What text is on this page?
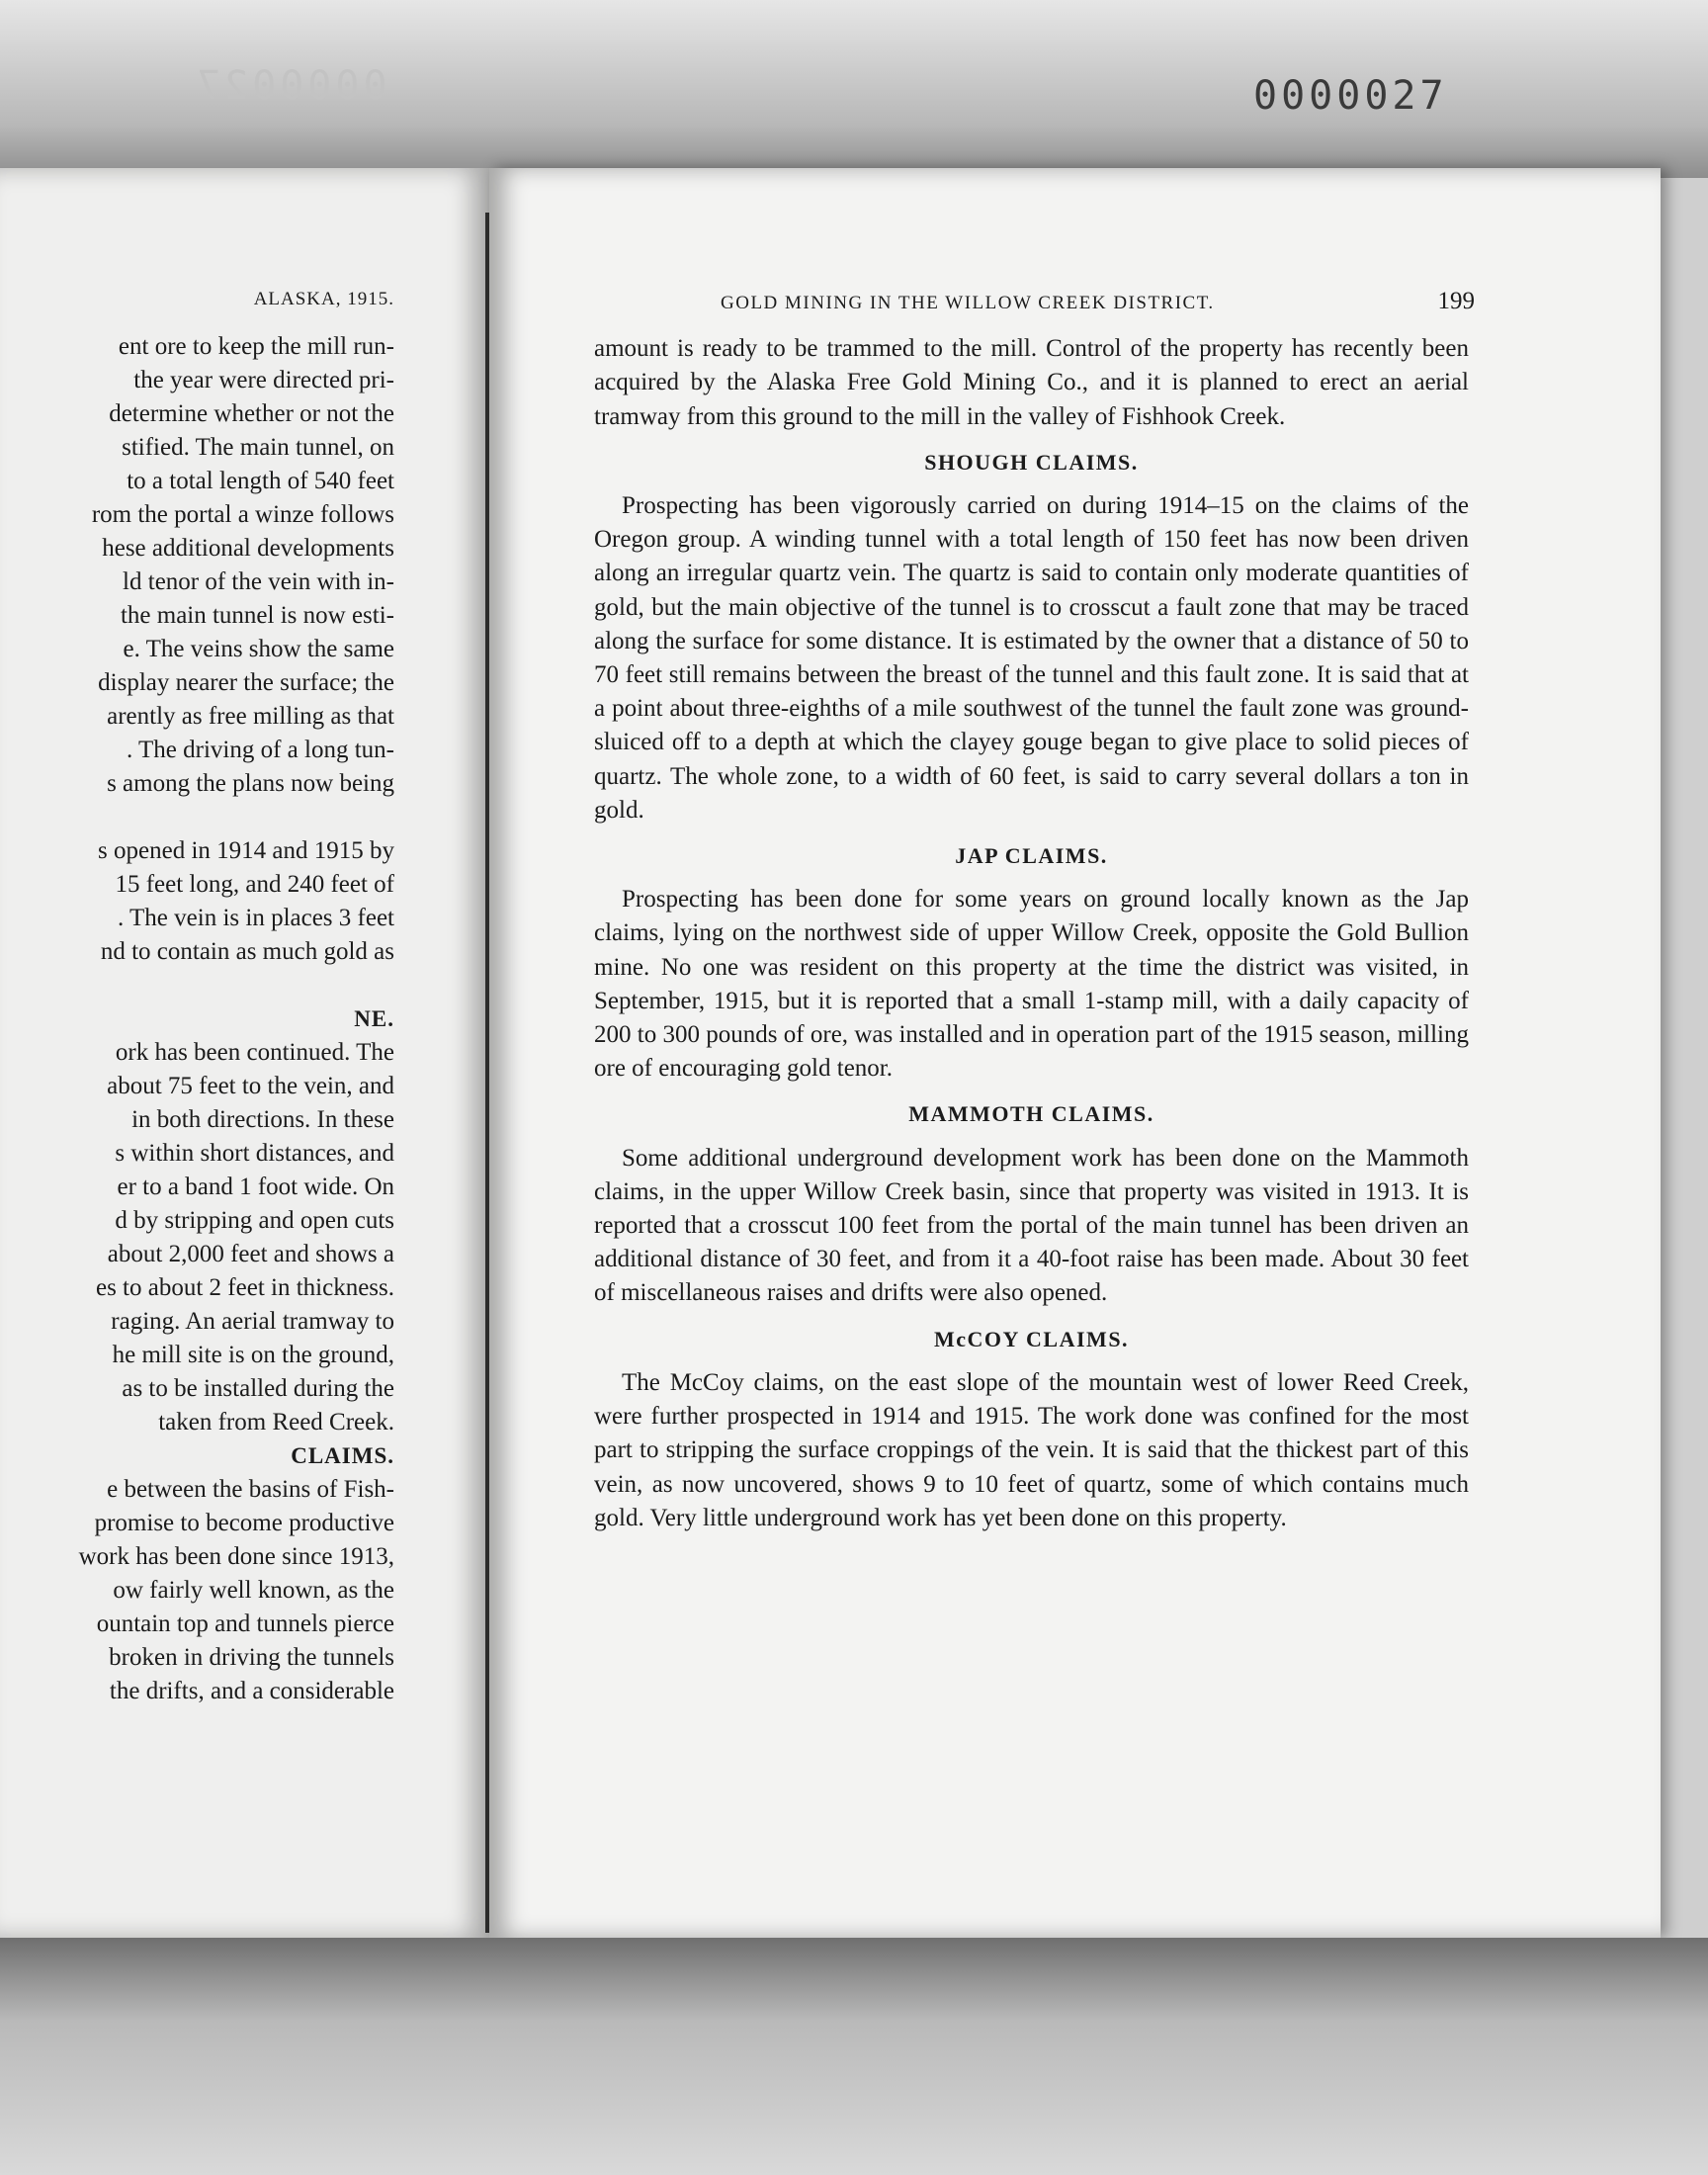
0000027	0000027
ALASKA, 1915.
ent ore to keep the mill run-
the year were directed pri-
determine whether or not the
stified. The main tunnel, on
to a total length of 540 feet
rom the portal a winze follows
hese additional developments
ld tenor of the vein with in-
the main tunnel is now esti-
e. The veins show the same
display nearer the surface; the
arently as free milling as that
. The driving of a long tun-
s among the plans now being
s opened in 1914 and 1915 by
15 feet long, and 240 feet of
. The vein is in places 3 feet
nd to contain as much gold as
NE.
ork has been continued. The
about 75 feet to the vein, and
in both directions. In these
s within short distances, and
er to a band 1 foot wide. On
d by stripping and open cuts
about 2,000 feet and shows a
es to about 2 feet in thickness.
raging. An aerial tramway to
he mill site is on the ground,
as to be installed during the
taken from Reed Creek.
CLAIMS.
e between the basins of Fish-
promise to become productive
work has been done since 1913,
ow fairly well known, as the
ountain top and tunnels pierce
broken in driving the tunnels
the drifts, and a considerable
GOLD MINING IN THE WILLOW CREEK DISTRICT.	199

amount is ready to be trammed to the mill. Control of the property has recently been acquired by the Alaska Free Gold Mining Co., and it is planned to erect an aerial tramway from this ground to the mill in the valley of Fishhook Creek.

SHOUGH CLAIMS.

Prospecting has been vigorously carried on during 1914–15 on the claims of the Oregon group. A winding tunnel with a total length of 150 feet has now been driven along an irregular quartz vein. The quartz is said to contain only moderate quantities of gold, but the main objective of the tunnel is to crosscut a fault zone that may be traced along the surface for some distance. It is estimated by the owner that a distance of 50 to 70 feet still remains between the breast of the tunnel and this fault zone. It is said that at a point about three-eighths of a mile southwest of the tunnel the fault zone was ground-sluiced off to a depth at which the clayey gouge began to give place to solid pieces of quartz. The whole zone, to a width of 60 feet, is said to carry several dollars a ton in gold.

JAP CLAIMS.

Prospecting has been done for some years on ground locally known as the Jap claims, lying on the northwest side of upper Willow Creek, opposite the Gold Bullion mine. No one was resident on this property at the time the district was visited, in September, 1915, but it is reported that a small 1-stamp mill, with a daily capacity of 200 to 300 pounds of ore, was installed and in operation part of the 1915 season, milling ore of encouraging gold tenor.

MAMMOTH CLAIMS.

Some additional underground development work has been done on the Mammoth claims, in the upper Willow Creek basin, since that property was visited in 1913. It is reported that a crosscut 100 feet from the portal of the main tunnel has been driven an additional distance of 30 feet, and from it a 40-foot raise has been made. About 30 feet of miscellaneous raises and drifts were also opened.

McCOY CLAIMS.

The McCoy claims, on the east slope of the mountain west of lower Reed Creek, were further prospected in 1914 and 1915. The work done was confined for the most part to stripping the surface croppings of the vein. It is said that the thickest part of this vein, as now uncovered, shows 9 to 10 feet of quartz, some of which contains much gold. Very little underground work has yet been done on this property.
